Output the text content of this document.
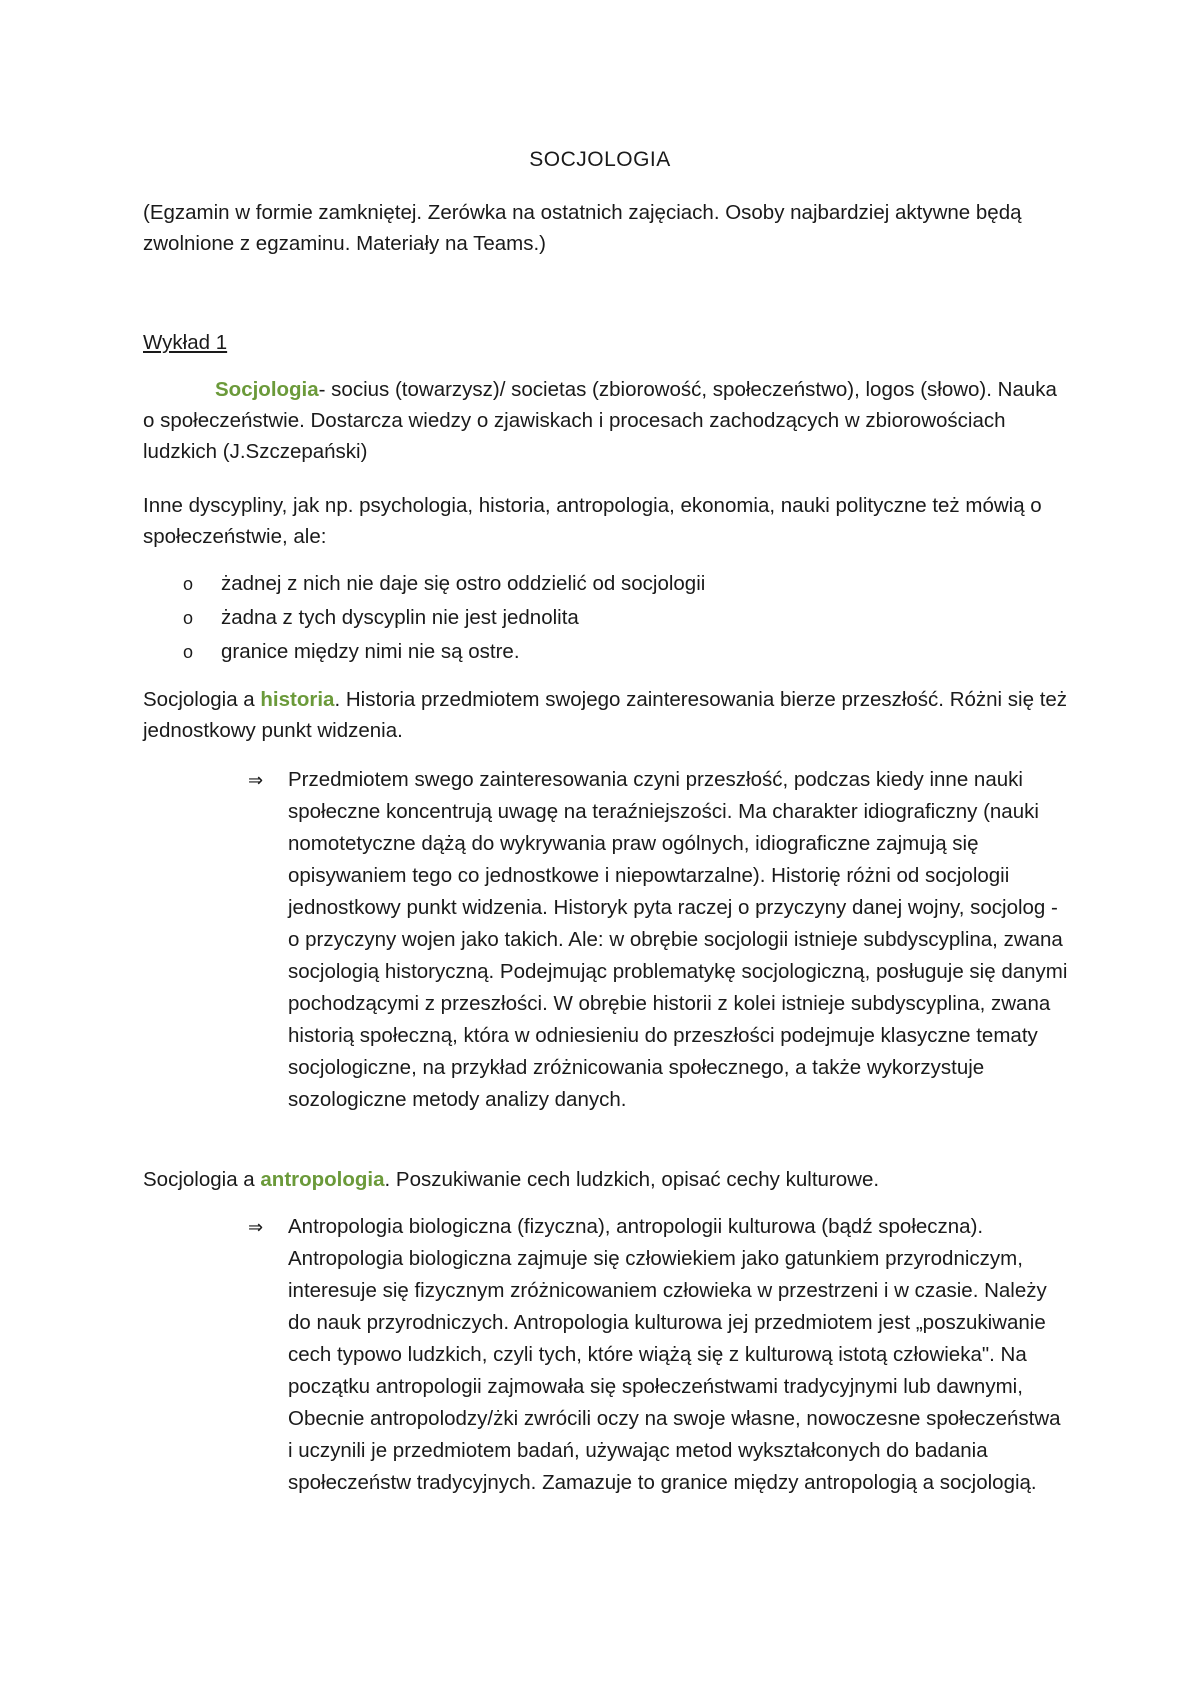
SOCJOLOGIA
(Egzamin w formie zamkniętej. Zerówka na ostatnich zajęciach. Osoby najbardziej aktywne będą zwolnione z egzaminu. Materiały na Teams.)
Wykład 1
Socjologia- socius (towarzysz)/ societas (zbiorowość, społeczeństwo), logos (słowo). Nauka o społeczeństwie. Dostarcza wiedzy o zjawiskach i procesach zachodzących w zbiorowościach ludzkich (J.Szczepański)
Inne dyscypliny, jak np. psychologia, historia, antropologia, ekonomia, nauki polityczne też mówią o społeczeństwie, ale:
o żadnej z nich nie daje się ostro oddzielić od socjologii
o żadna z tych dyscyplin nie jest jednolita
o granice między nimi nie są ostre.
Socjologia a historia. Historia przedmiotem swojego zainteresowania bierze przeszłość. Różni się też jednostkowy punkt widzenia.
⇒ Przedmiotem swego zainteresowania czyni przeszłość, podczas kiedy inne nauki społeczne koncentrują uwagę na teraźniejszości. Ma charakter idiograficzny (nauki nomotetyczne dążą do wykrywania praw ogólnych, idiograficzne zajmują się opisywaniem tego co jednostkowe i niepowtarzalne). Historię różni od socjologii jednostkowy punkt widzenia. Historyk pyta raczej o przyczyny danej wojny, socjolog - o przyczyny wojen jako takich. Ale: w obrębie socjologii istnieje subdyscyplina, zwana socjologią historyczną. Podejmując problematykę socjologiczną, posługuje się danymi pochodzącymi z przeszłości. W obrębie historii z kolei istnieje subdyscyplina, zwana historią społeczną, która w odniesieniu do przeszłości podejmuje klasyczne tematy socjologiczne, na przykład zróżnicowania społecznego, a także wykorzystuje sozologiczne metody analizy danych.
Socjologia a antropologia. Poszukiwanie cech ludzkich, opisać cechy kulturowe.
⇒ Antropologia biologiczna (fizyczna), antropologii kulturowa (bądź społeczna). Antropologia biologiczna zajmuje się człowiekiem jako gatunkiem przyrodniczym, interesuje się fizycznym zróżnicowaniem człowieka w przestrzeni i w czasie. Należy do nauk przyrodniczych. Antropologia kulturowa jej przedmiotem jest „poszukiwanie cech typowo ludzkich, czyli tych, które wiążą się z kulturową istotą człowieka". Na początku antropologii zajmowała się społeczeństwami tradycyjnymi lub dawnymi, Obecnie antropolodzy/żki zwrócili oczy na swoje własne, nowoczesne społeczeństwa i uczynili je przedmiotem badań, używając metod wykształconych do badania społeczeństw tradycyjnych. Zamazuje to granice między antropologią a socjologią.
